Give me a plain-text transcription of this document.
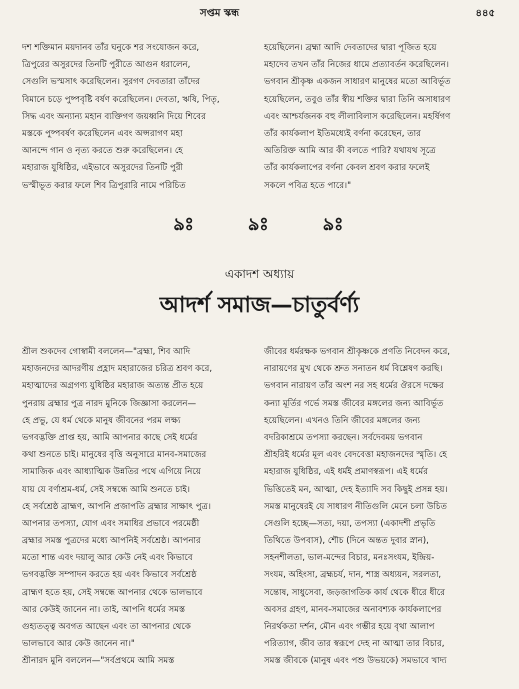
সপ্তম স্কন্ধ	৪৪৫
দশ শক্তিমান ময়দানব তাঁর ঘনুকে শর সংযোজন করে,
ত্রিপুরের অসুরদের তিনটি পুরীতে আগুন ধরালেন,
সেগুলি ভস্মসাৎ করেছিলেন। সুরগণ দেবতারা তাঁদের
বিমানে চড়ে পুষ্পবৃষ্টি বর্ষণ করেছিলেন। দেবতা, ঋষি, পিতৃ,
সিদ্ধ এবং অন্যান্য মহান ব্যক্তিগণ জয়ধ্বনি দিয়ে শিবের
মস্তকে পুষ্পবর্ষণ করেছিলেন এবং অপ্সরাগণ মহা
আনন্দে গান ও নৃত্য করতে শুরু করেছিলেন। হে
মহারাজ যুধিষ্ঠির, এইভাবে অসুরদের তিনটি পুরী
ভস্মীভূত করার ফলে শিব ত্রিপুরারি নামে পরিচিত
হয়েছিলেন। ব্রহ্মা আদি দেবতাদের দ্বারা পূজিত হয়ে
মহাদেব তখন তাঁর নিজের ধামে প্রত্যাবর্তন করেছিলেন।
ভগবান শ্রীকৃষ্ণ একজন সাধারণ মানুষের মতো আবির্ভূত
হয়েছিলেন, তবুও তাঁর স্বীয় শক্তির দ্বারা তিনি অসাধারণ
এবং আশ্চর্যজনক বহু লীলাবিলাস করেছিলেন। মহর্ষিগণ
তাঁর কার্যকলাপ ইতিমধ্যেই বর্ণনা করেছেন, তার
অতিরিক্ত আমি আর কী বলতে পারি? যথাযথ সূত্রে
তাঁর কার্যকলাপের বর্ণনা কেবল শ্রবণ করার ফলেই
সকলে পবিত্র হতে পারে।"
ঌঃ	ঌঃ	ঌঃ
একাদশ অধ্যায়
আদর্শ সমাজ—চাতুর্বর্ণ্য
শ্রীল শুকদেব গোস্বামী বললেন—"ব্রহ্মা, শিব আদি
মহাজনদের আদরণীয় প্রহ্লাদ মহারাজের চরিত্র শ্রবণ করে,
মহাত্মাদের অগ্রগণ্য যুধিষ্ঠির মহারাজ অত্যন্ত প্রীত হয়ে
পুনরায় ব্রহ্মার পুত্র নারদ মুনিকে জিজ্ঞাসা করলেন—
হে প্রভু, যে ধর্ম থেকে মানুষ জীবনের পরম লক্ষ্য
ভগবদ্ভক্তি প্রাপ্ত হয়, আমি আপনার কাছে সেই ধর্মের
কথা শুনতে চাই। মানুষের বৃত্তি অনুসারে মানব-সমাজের
সামাজিক এবং আধ্যাত্মিক উন্নতির পথে এগিয়ে নিয়ে
যায় যে বর্ণাশ্রম-ধর্ম, সেই সম্বন্ধে আমি শুনতে চাই।
হে সর্বশ্রেষ্ঠ ব্রাহ্মণ, আপনি প্রজাপতি ব্রহ্মার সাক্ষাৎ পুত্র।
আপনার তপস্যা, যোগ এবং সমাধির প্রভাবে পরমেষ্ঠী
ব্রহ্মার সমস্ত পুত্রদের মধ্যে আপনিই সর্বশ্রেষ্ঠ। আপনার
মতো শান্ত এবং দয়ালু আর কেউ নেই এবং কিভাবে
ভগবদ্ভক্তি সম্পাদন করতে হয় এবং কিভাবে সর্বশ্রেষ্ঠ
ব্রাহ্মণ হতে হয়, সেই সম্বন্ধে আপনার থেকে ভালভাবে
আর কেউই জানেন না। তাই, আপনি ধর্মের সমস্ত
গুহ্যতত্ত্ব অবগত আছেন এবং তা আপনার থেকে
ভালভাবে আর কেউ জানেন না।"
শ্রীনারদ মুনি বললেন—"সর্বপ্রথমে আমি সমস্ত
জীবের ধর্মরক্ষক ভগবান শ্রীকৃষ্ণকে প্রণতি নিবেদন করে,
নারায়ণের মুখ থেকে শ্রুত সনাতন ধর্ম বিশ্লেষণ করছি।
ভগবান নারায়ণ তাঁর অংশ নর সহ ধর্মের ঔরসে দক্ষের
কন্যা মূর্তির গর্ভে সমস্ত জীবের মঙ্গলের জন্য আবির্ভূত
হয়েছিলেন। এখনও তিনি জীবের মঙ্গলের জন্য
বদরিকাশ্রমে তপস্যা করছেন। সর্বদেবময় ভগবান
শ্রীহরিই ধর্মের মূল এবং বেদবেত্তা মহাজনদের স্মৃতি। হে
মহারাজ যুধিষ্ঠির, এই ধর্মই প্রমাণস্বরূপ। এই ধর্মের
ভিত্তিতেই মন, আত্মা, দেহ ইত্যাদি সব কিছুই প্রসন্ন হয়।
সমস্ত মানুষেরই যে সাধারণ নীতিগুলি মেনে চলা উচিত
সেগুলি হচ্ছে—সত্য, দয়া, তপস্যা (একাদশী প্রভৃতি
তিথিতে উপবাস), শৌচ (দিনে অন্তত দুবার স্নান),
সহনশীলতা, ভাল-মন্দের বিচার, মনঃসংযম, ইন্দ্রিয়-
সংযম, অহিংসা, ব্রহ্মচর্য, দান, শাস্ত্র অধ্যয়ন, সরলতা,
সন্তোষ, সাধুসেবা, জড়জাগতিক কার্য থেকে ধীরে ধীরে
অবসর গ্রহণ, মানব-সমাজের অনাবশ্যক কার্যকলাপের
নিরর্থকতা দর্শন, মৌন এবং গম্ভীর হয়ে বৃথা আলাপ
পরিত্যাগ, জীব তার স্বরূপে দেহ না আত্মা তার বিচার,
সমস্ত জীবকে (মানুষ এবং পশু উভয়কে) সমভাবে খাদ্য
